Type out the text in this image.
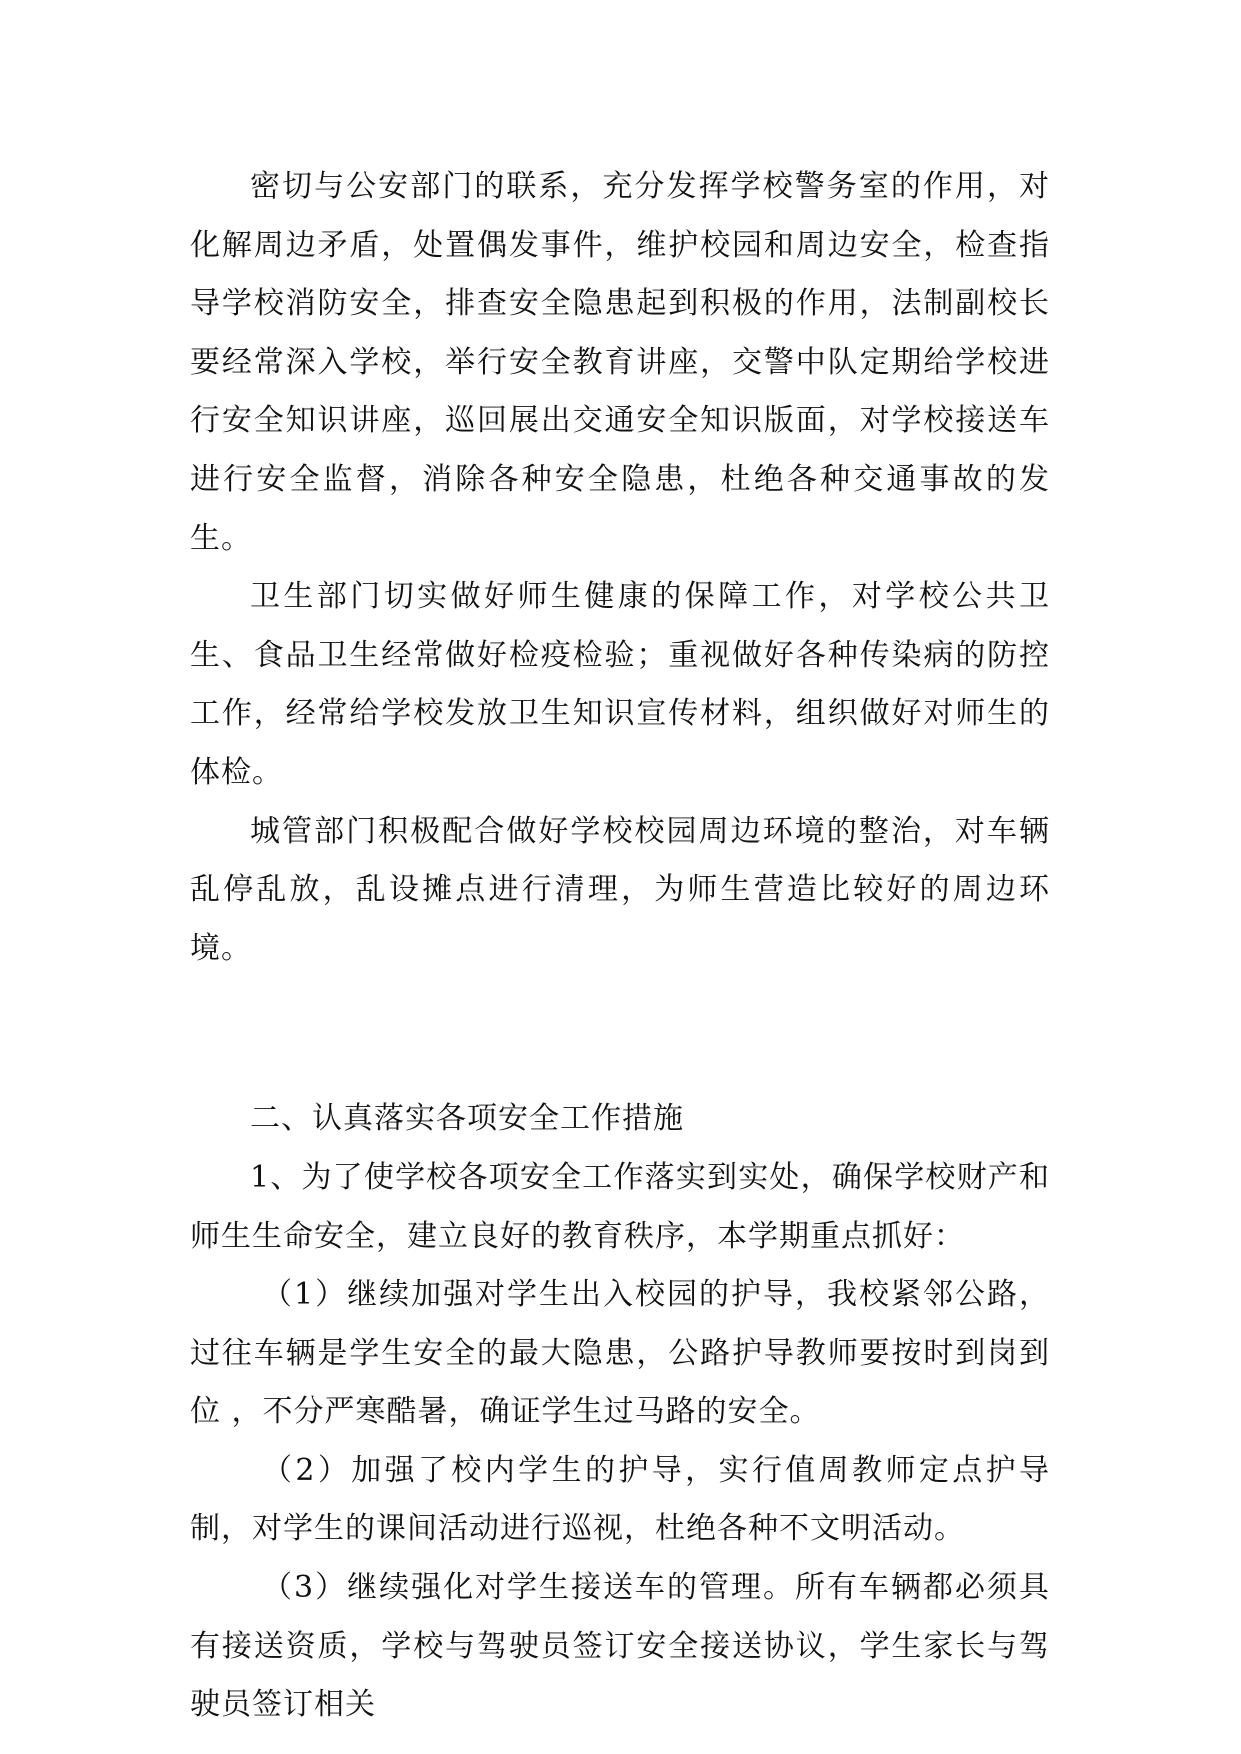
密切与公安部门的联系，充分发挥学校警务室的作用，对化解周边矛盾，处置偶发事件，维护校园和周边安全，检查指导学校消防安全，排查安全隐患起到积极的作用，法制副校长要经常深入学校，举行安全教育讲座，交警中队定期给学校进行安全知识讲座，巡回展出交通安全知识版面，对学校接送车进行安全监督，消除各种安全隐患，杜绝各种交通事故的发生。

卫生部门切实做好师生健康的保障工作，对学校公共卫生、食品卫生经常做好检疫检验；重视做好各种传染病的防控工作，经常给学校发放卫生知识宣传材料，组织做好对师生的体检。

城管部门积极配合做好学校校园周边环境的整治，对车辆乱停乱放，乱设摊点进行清理，为师生营造比较好的周边环境。

二、认真落实各项安全工作措施

1、为了使学校各项安全工作落实到实处，确保学校财产和师生生命安全，建立良好的教育秩序，本学期重点抓好：

（1）继续加强对学生出入校园的护导，我校紧邻公路，过往车辆是学生安全的最大隐患，公路护导教师要按时到岗到位 ，不分严寒酷暑，确证学生过马路的安全。

（2）加强了校内学生的护导，实行值周教师定点护导制，对学生的课间活动进行巡视，杜绝各种不文明活动。

（3）继续强化对学生接送车的管理。所有车辆都必须具有接送资质，学校与驾驶员签订安全接送协议，学生家长与驾驶员签订相关
